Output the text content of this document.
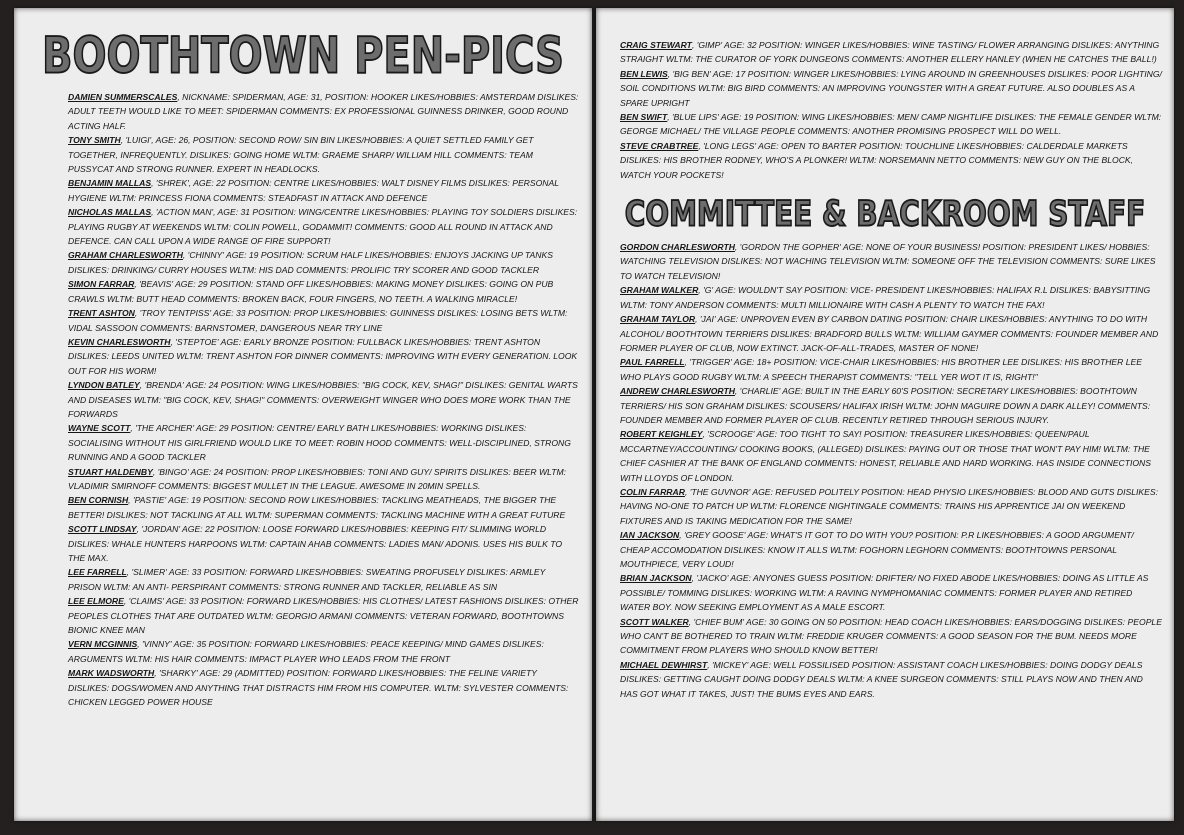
BOOTHTOWN PEN-PICS

DAMIEN SUMMERSCALES, NICKNAME: SPIDERMAN, AGE: 31, POSITION: HOOKER LIKES/HOBBIES: AMSTERDAM DISLIKES: ADULT TEETH WOULD LIKE TO MEET: SPIDERMAN COMMENTS: EX PROFESSIONAL GUINNESS DRINKER, GOOD ROUND ACTING HALF.

TONY SMITH, 'LUIGI', AGE: 26, POSITION: SECOND ROW/ SIN BIN LIKES/HOBBIES: A QUIET SETTLED FAMILY GET TOGETHER, INFREQUENTLY. DISLIKES: GOING HOME WLTM: GRAEME SHARP/ WILLIAM HILL COMMENTS: TEAM PUSSYCAT AND STRONG RUNNER. EXPERT IN HEADLOCKS.

BENJAMIN MALLAS, 'SHREK', AGE: 22 POSITION: CENTRE LIKES/HOBBIES: WALT DISNEY FILMS DISLIKES: PERSONAL HYGIENE WLTM: PRINCESS FIONA COMMENTS: STEADFAST IN ATTACK AND DEFENCE

NICHOLAS MALLAS, 'ACTION MAN', AGE: 31 POSITION: WING/CENTRE LIKES/HOBBIES: PLAYING TOY SOLDIERS DISLIKES: PLAYING RUGBY AT WEEKENDS WLTM: COLIN POWELL, GODAMMIT! COMMENTS: GOOD ALL ROUND IN ATTACK AND DEFENCE. CAN CALL UPON A WIDE RANGE OF FIRE SUPPORT!

GRAHAM CHARLESWORTH, 'CHINNY' AGE: 19 POSITION: SCRUM HALF LIKES/HOBBIES: ENJOYS JACKING UP TANKS DISLIKES: DRINKING/ CURRY HOUSES WLTM: HIS DAD COMMENTS: PROLIFIC TRY SCORER AND GOOD TACKLER

SIMON FARRAR, 'BEAVIS' AGE: 29 POSITION: STAND OFF LIKES/HOBBIES: MAKING MONEY DISLIKES: GOING ON PUB CRAWLS WLTM: BUTT HEAD COMMENTS: BROKEN BACK, FOUR FINGERS, NO TEETH. A WALKING MIRACLE!

TRENT ASHTON, 'TROY TENTPISS' AGE: 33 POSITION: PROP LIKES/HOBBIES: GUINNESS DISLIKES: LOSING BETS WLTM: VIDAL SASSOON COMMENTS: BARNSTOMER, DANGEROUS NEAR TRY LINE

KEVIN CHARLESWORTH, 'STEPTOE' AGE: EARLY BRONZE POSITION: FULLBACK LIKES/HOBBIES: TRENT ASHTON DISLIKES: LEEDS UNITED WLTM: TRENT ASHTON FOR DINNER COMMENTS: IMPROVING WITH EVERY GENERATION. LOOK OUT FOR HIS WORM!

LYNDON BATLEY, 'BRENDA' AGE: 24 POSITION: WING LIKES/HOBBIES: "BIG COCK, KEV, SHAG!" DISLIKES: GENITAL WARTS AND DISEASES WLTM: "BIG COCK, KEV, SHAG!" COMMENTS: OVERWEIGHT WINGER WHO DOES MORE WORK THAN THE FORWARDS

WAYNE SCOTT, 'THE ARCHER' AGE: 29 POSITION: CENTRE/ EARLY BATH LIKES/HOBBIES: WORKING DISLIKES: SOCIALISING WITHOUT HIS GIRLFRIEND WOULD LIKE TO MEET: ROBIN HOOD COMMENTS: WELL-DISCIPLINED, STRONG RUNNING AND A GOOD TACKLER

STUART HALDENBY, 'BINGO' AGE: 24 POSITION: PROP LIKES/HOBBIES: TONI AND GUY/ SPIRITS DISLIKES: BEER WLTM: VLADIMIR SMIRNOFF COMMENTS: BIGGEST MULLET IN THE LEAGUE. AWESOME IN 20MIN SPELLS.

BEN CORNISH, 'PASTIE' AGE: 19 POSITION: SECOND ROW LIKES/HOBBIES: TACKLING MEATHEADS, THE BIGGER THE BETTER! DISLIKES: NOT TACKLING AT ALL WLTM: SUPERMAN COMMENTS: TACKLING MACHINE WITH A GREAT FUTURE

SCOTT LINDSAY, 'JORDAN' AGE: 22 POSITION: LOOSE FORWARD LIKES/HOBBIES: KEEPING FIT/ SLIMMING WORLD DISLIKES: WHALE HUNTERS HARPOONS WLTM: CAPTAIN AHAB COMMENTS: LADIES MAN/ ADONIS. USES HIS BULK TO THE MAX.

LEE FARRELL, 'SLIMER' AGE: 33 POSITION: FORWARD LIKES/HOBBIES: SWEATING PROFUSELY DISLIKES: ARMLEY PRISON WLTM: AN ANTI- PERSPIRANT COMMENTS: STRONG RUNNER AND TACKLER, RELIABLE AS SIN

LEE ELMORE, 'CLAIMS' AGE: 33 POSITION: FORWARD LIKES/HOBBIES: HIS CLOTHES/ LATEST FASHIONS DISLIKES: OTHER PEOPLES CLOTHES THAT ARE OUTDATED WLTM: GEORGIO ARMANI COMMENTS: VETERAN FORWARD, BOOTHTOWNS BIONIC KNEE MAN

VERN MCGINNIS, 'VINNY' AGE: 35 POSITION: FORWARD LIKES/HOBBIES: PEACE KEEPING/ MIND GAMES DISLIKES: ARGUMENTS WLTM: HIS HAIR COMMENTS: IMPACT PLAYER WHO LEADS FROM THE FRONT

MARK WADSWORTH, 'SHARKY' AGE: 29 (ADMITTED) POSITION: FORWARD LIKES/HOBBIES: THE FELINE VARIETY DISLIKES: DOGS/WOMEN AND ANYTHING THAT DISTRACTS HIM FROM HIS COMPUTER. WLTM: SYLVESTER COMMENTS: CHICKEN LEGGED POWER HOUSE

CRAIG STEWART, 'GIMP' AGE: 32 POSITION: WINGER LIKES/HOBBIES: WINE TASTING/ FLOWER ARRANGING DISLIKES: ANYTHING STRAIGHT WLTM: THE CURATOR OF YORK DUNGEONS COMMENTS: ANOTHER ELLERY HANLEY (WHEN HE CATCHES THE BALL!)

BEN LEWIS, 'BIG BEN' AGE: 17 POSITION: WINGER LIKES/HOBBIES: LYING AROUND IN GREENHOUSES DISLIKES: POOR LIGHTING/ SOIL CONDITIONS WLTM: BIG BIRD COMMENTS: AN IMPROVING YOUNGSTER WITH A GREAT FUTURE. ALSO DOUBLES AS A SPARE UPRIGHT

BEN SWIFT, 'BLUE LIPS' AGE: 19 POSITION: WING LIKES/HOBBIES: MEN/ CAMP NIGHTLIFE DISLIKES: THE FEMALE GENDER WLTM: GEORGE MICHAEL/ THE VILLAGE PEOPLE COMMENTS: ANOTHER PROMISING PROSPECT WILL DO WELL.

STEVE CRABTREE, 'LONG LEGS' AGE: OPEN TO BARTER POSITION: TOUCHLINE LIKES/HOBBIES: CALDERDALE MARKETS DISLIKES: HIS BROTHER RODNEY, WHO'S A PLONKER! WLTM: NORSEMANN NETTO COMMENTS: NEW GUY ON THE BLOCK, WATCH YOUR POCKETS!

COMMITTEE & BACKROOM STAFF

GORDON CHARLESWORTH, 'GORDON THE GOPHER' AGE: NONE OF YOUR BUSINESS! POSITION: PRESIDENT LIKES/ HOBBIES: WATCHING TELEVISION DISLIKES: NOT WACHING TELEVISION WLTM: SOMEONE OFF THE TELEVISION COMMENTS: SURE LIKES TO WATCH TELEVISION!

GRAHAM WALKER, 'G' AGE: WOULDN'T SAY POSITION: VICE- PRESIDENT LIKES/HOBBIES: HALIFAX R.L DISLIKES: BABYSITTING WLTM: TONY ANDERSON COMMENTS: MULTI MILLIONAIRE WITH CASH A PLENTY TO WATCH THE FAX!

GRAHAM TAYLOR, 'JAI' AGE: UNPROVEN EVEN BY CARBON DATING POSITION: CHAIR LIKES/HOBBIES: ANYTHING TO DO WITH ALCOHOL/ BOOTHTOWN TERRIERS DISLIKES: BRADFORD BULLS WLTM: WILLIAM GAYMER COMMENTS: FOUNDER MEMBER AND FORMER PLAYER OF CLUB, NOW EXTINCT. JACK-OF-ALL-TRADES, MASTER OF NONE!

PAUL FARRELL, 'TRIGGER' AGE: 18+ POSITION: VICE-CHAIR LIKES/HOBBIES: HIS BROTHER LEE DISLIKES: HIS BROTHER LEE WHO PLAYS GOOD RUGBY WLTM: A SPEECH THERAPIST COMMENTS: "TELL YER WOT IT IS, RIGHT!"

ANDREW CHARLESWORTH, 'CHARLIE' AGE: BUILT IN THE EARLY 60'S POSITION: SECRETARY LIKES/HOBBIES: BOOTHTOWN TERRIERS/ HIS SON GRAHAM DISLIKES: SCOUSERS/ HALIFAX IRISH WLTM: JOHN MAGUIRE DOWN A DARK ALLEY! COMMENTS: FOUNDER MEMBER AND FORMER PLAYER OF CLUB. RECENTLY RETIRED THROUGH SERIOUS INJURY.

ROBERT KEIGHLEY, 'SCROOGE' AGE: TOO TIGHT TO SAY! POSITION: TREASURER LIKES/HOBBIES: QUEEN/PAUL MCCARTNEY/ACCOUNTING/ COOKING BOOKS, (ALLEGED) DISLIKES: PAYING OUT OR THOSE THAT WON'T PAY HIM! WLTM: THE CHIEF CASHIER AT THE BANK OF ENGLAND COMMENTS: HONEST, RELIABLE AND HARD WORKING. HAS INSIDE CONNECTIONS WITH LLOYDS OF LONDON.

COLIN FARRAR, 'THE GUVNOR' AGE: REFUSED POLITELY POSITION: HEAD PHYSIO LIKES/HOBBIES: BLOOD AND GUTS DISLIKES: HAVING NO-ONE TO PATCH UP WLTM: FLORENCE NIGHTINGALE COMMENTS: TRAINS HIS APPRENTICE JAI ON WEEKEND FIXTURES AND IS TAKING MEDICATION FOR THE SAME!

IAN JACKSON, 'GREY GOOSE' AGE: WHAT'S IT GOT TO DO WITH YOU? POSITION: P.R LIKES/HOBBIES: A GOOD ARGUMENT/ CHEAP ACCOMODATION DISLIKES: KNOW IT ALLS WLTM: FOGHORN LEGHORN COMMENTS: BOOTHTOWNS PERSONAL MOUTHPIECE, VERY LOUD!

BRIAN JACKSON, 'JACKO' AGE: ANYONES GUESS POSITION: DRIFTER/ NO FIXED ABODE LIKES/HOBBIES: DOING AS LITTLE AS POSSIBLE/ TOMMING DISLIKES: WORKING WLTM: A RAVING NYMPHOMANIAC COMMENTS: FORMER PLAYER AND RETIRED WATER BOY. NOW SEEKING EMPLOYMENT AS A MALE ESCORT.

SCOTT WALKER, 'CHIEF BUM' AGE: 30 GOING ON 50 POSITION: HEAD COACH LIKES/HOBBIES: EARS/DOGGING DISLIKES: PEOPLE WHO CAN'T BE BOTHERED TO TRAIN WLTM: FREDDIE KRUGER COMMENTS: A GOOD SEASON FOR THE BUM. NEEDS MORE COMMITMENT FROM PLAYERS WHO SHOULD KNOW BETTER!

MICHAEL DEWHIRST, 'MICKEY' AGE: WELL FOSSILISED POSITION: ASSISTANT COACH LIKES/HOBBIES: DOING DODGY DEALS DISLIKES: GETTING CAUGHT DOING DODGY DEALS WLTM: A KNEE SURGEON COMMENTS: STILL PLAYS NOW AND THEN AND HAS GOT WHAT IT TAKES, JUST! THE BUMS EYES AND EARS.
